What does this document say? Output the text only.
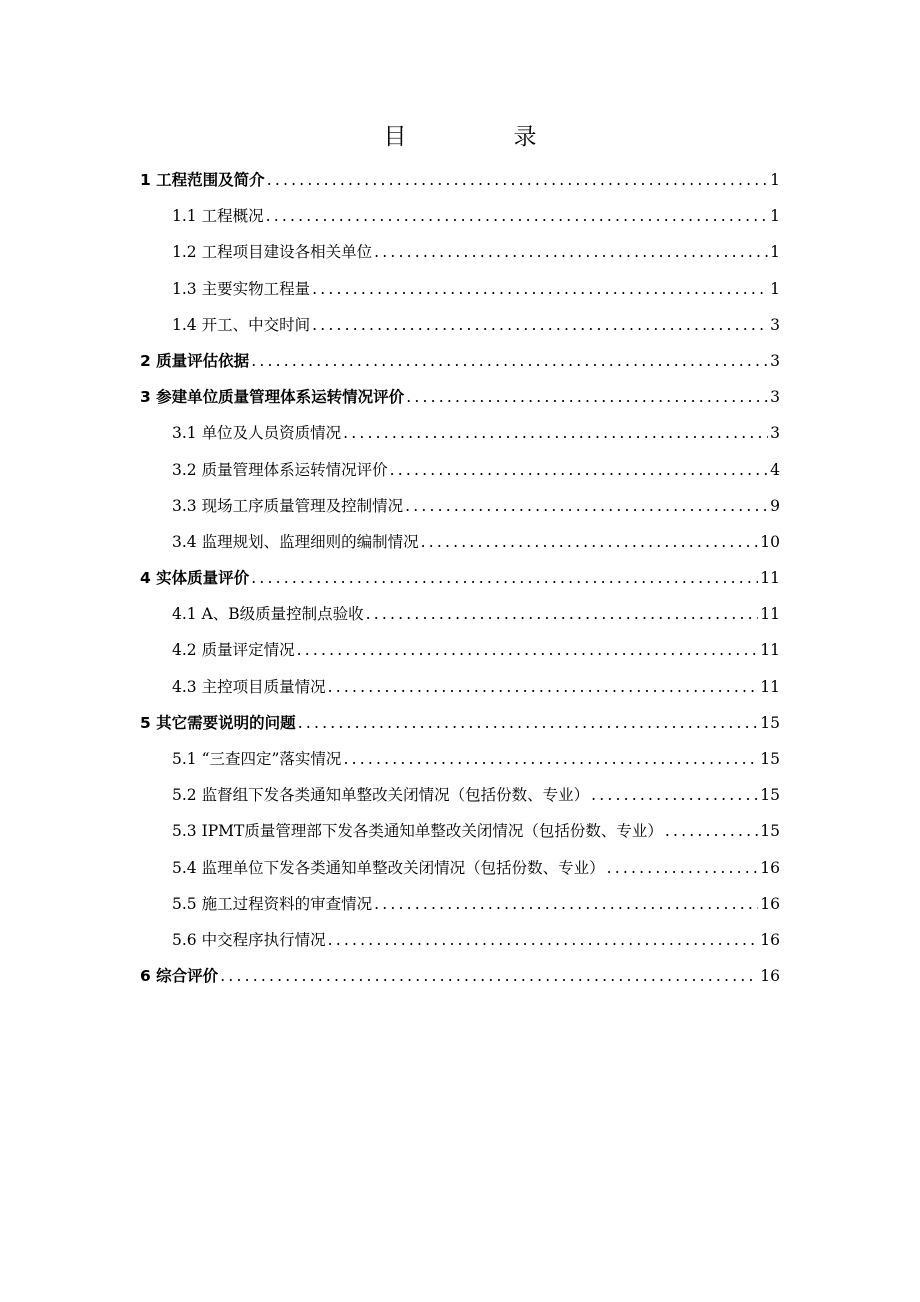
目　录
1 工程范围及简介 .....	1
1.1 工程概况 .....	1
1.2 工程项目建设各相关单位 .....	1
1.3 主要实物工程量 .....	1
1.4 开工、中交时间 .....	3
2 质量评估依据 .....	3
3 参建单位质量管理体系运转情况评价 .....	3
3.1 单位及人员资质情况 .....	3
3.2 质量管理体系运转情况评价 .....	4
3.3 现场工序质量管理及控制情况 .....	9
3.4 监理规划、监理细则的编制情况 .....	10
4 实体质量评价 .....	11
4.1 A、B级质量控制点验收 .....	11
4.2 质量评定情况 .....	11
4.3 主控项目质量情况 .....	11
5 其它需要说明的问题 .....	15
5.1 “三查四定”落实情况 .....	15
5.2 监督组下发各类通知单整改关闭情况（包括份数、专业） .....	15
5.3 IPMT质量管理部下发各类通知单整改关闭情况（包括份数、专业） .....	15
5.4 监理单位下发各类通知单整改关闭情况（包括份数、专业） .....	16
5.5 施工过程资料的审查情况 .....	16
5.6 中交程序执行情况 .....	16
6 综合评价 .....	16
